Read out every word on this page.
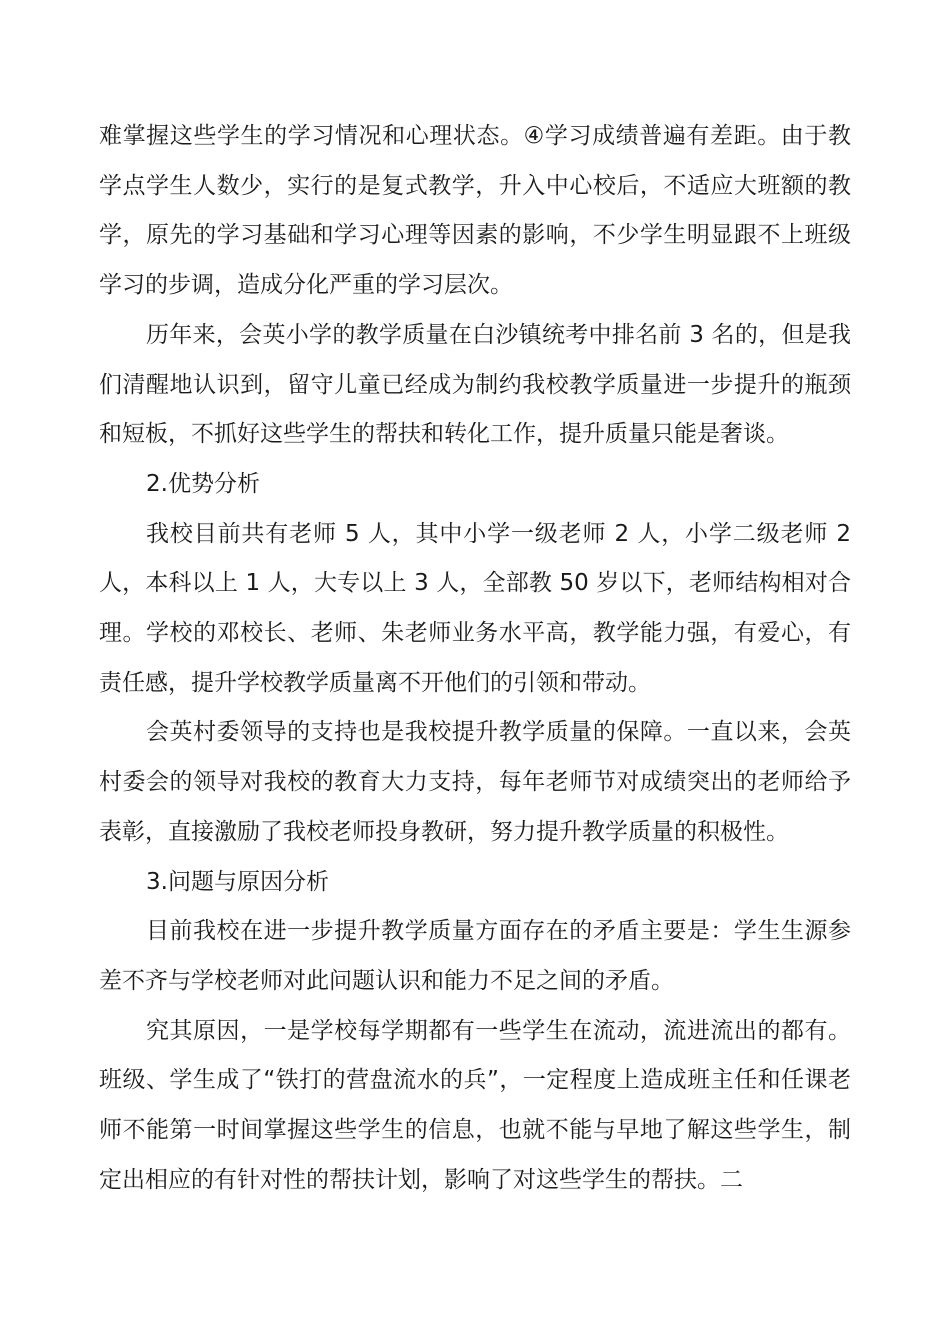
难掌握这些学生的学习情况和心理状态。④学习成绩普遍有差距。由于教学点学生人数少，实行的是复式教学，升入中心校后，不适应大班额的教学，原先的学习基础和学习心理等因素的影响，不少学生明显跟不上班级学习的步调，造成分化严重的学习层次。

历年来，会英小学的教学质量在白沙镇统考中排名前 3 名的，但是我们清醒地认识到，留守儿童已经成为制约我校教学质量进一步提升的瓶颈和短板，不抓好这些学生的帮扶和转化工作，提升质量只能是奢谈。

2.优势分析

我校目前共有老师 5 人，其中小学一级老师 2 人，小学二级老师 2 人，本科以上 1 人，大专以上 3 人，全部教 50 岁以下，老师结构相对合理。学校的邓校长、老师、朱老师业务水平高，教学能力强，有爱心，有责任感，提升学校教学质量离不开他们的引领和带动。

会英村委领导的支持也是我校提升教学质量的保障。一直以来，会英村委会的领导对我校的教育大力支持，每年老师节对成绩突出的老师给予表彰，直接激励了我校老师投身教研，努力提升教学质量的积极性。

3.问题与原因分析

目前我校在进一步提升教学质量方面存在的矛盾主要是：学生生源参差不齐与学校老师对此问题认识和能力不足之间的矛盾。

究其原因，一是学校每学期都有一些学生在流动，流进流出的都有。班级、学生成了“铁打的营盘流水的兵”，一定程度上造成班主任和任课老师不能第一时间掌握这些学生的信息，也就不能与早地了解这些学生，制定出相应的有针对性的帮扶计划，影响了对这些学生的帮扶。二
